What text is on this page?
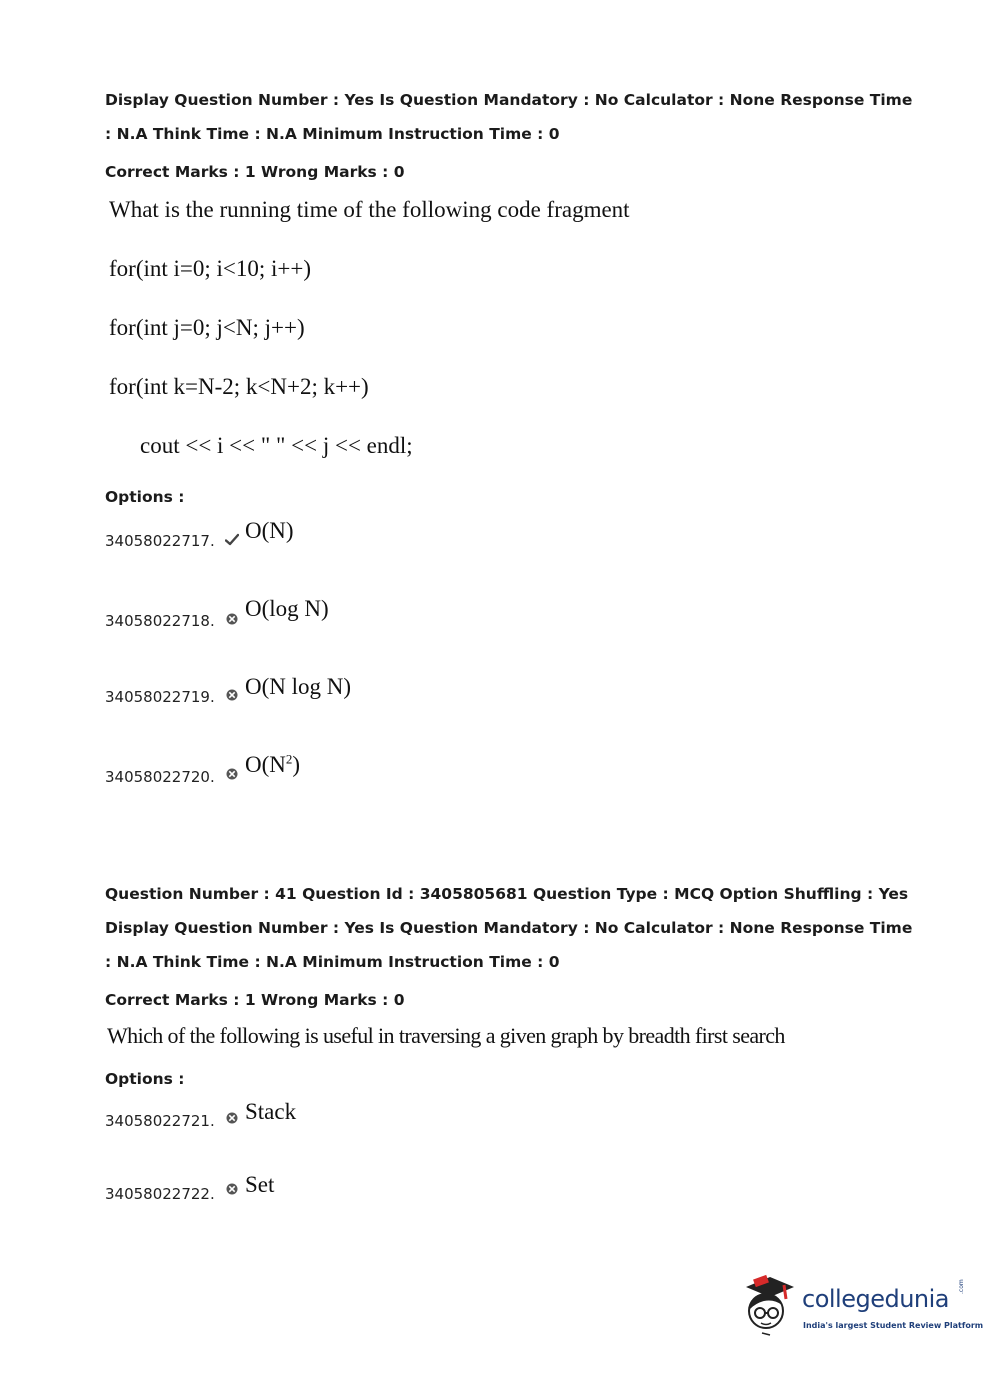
Display Question Number : Yes Is Question Mandatory : No Calculator : None Response Time
: N.A Think Time : N.A Minimum Instruction Time : 0
Correct Marks : 1 Wrong Marks : 0
What is the running time of the following code fragment
for(int i=0; i<10; i++)
for(int j=0; j<N; j++)
for(int k=N-2; k<N+2; k++)
cout << i << " " << j << endl;
Options :
34058022717. O(N)
34058022718. O(log N)
34058022719. O(N log N)
34058022720. $O(N^2)$
Question Number : 41 Question Id : 3405805681 Question Type : MCQ Option Shuffling : Yes
Display Question Number : Yes Is Question Mandatory : No Calculator : None Response Time
: N.A Think Time : N.A Minimum Instruction Time : 0
Correct Marks : 1 Wrong Marks : 0
Which of the following is useful in traversing a given graph by breadth first search
Options :
34058022721. Stack
34058022722. Set
collegedunia .com
India's largest Student Review Platform
